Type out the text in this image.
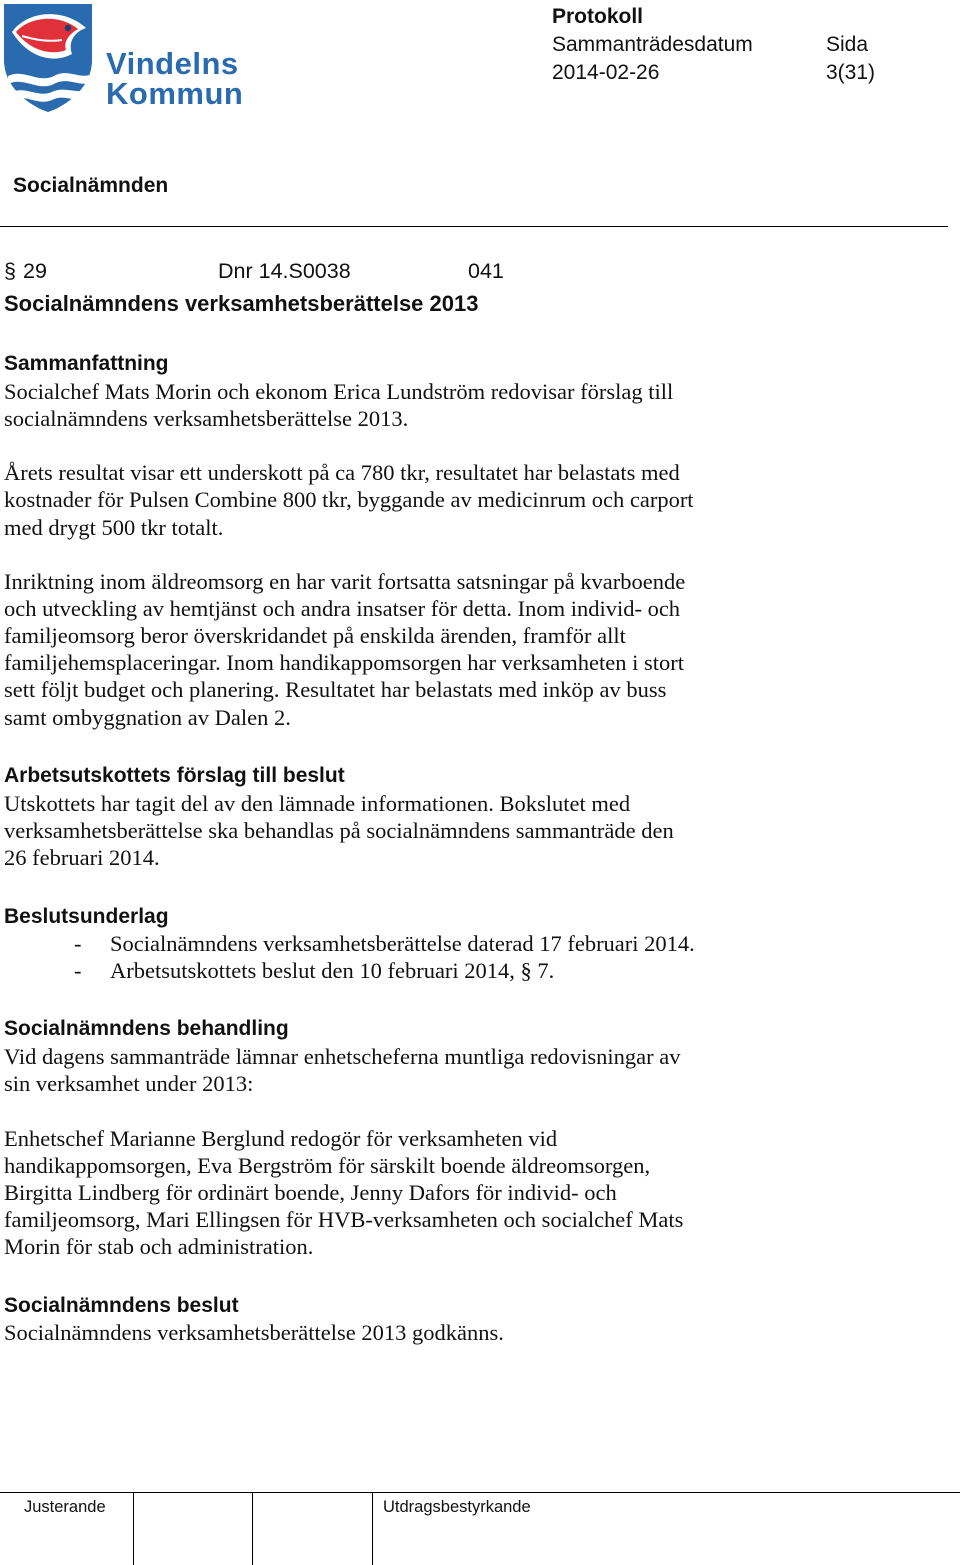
Vindelns
Kommun
Protokoll
Sammanträdesdatum	Sida
2014-02-26	3(31)
Socialnämnden
§ 29	Dnr 14.S0038	041
Socialnämndens verksamhetsberättelse 2013
Sammanfattning
Socialchef Mats Morin och ekonom Erica Lundström redovisar förslag till
socialnämndens verksamhetsberättelse 2013.
Årets resultat visar ett underskott på ca 780 tkr, resultatet har belastats med
kostnader för Pulsen Combine 800 tkr, byggande av medicinrum och carport
med drygt 500 tkr totalt.
Inriktning inom äldreomsorg en har varit fortsatta satsningar på kvarboende
och utveckling av hemtjänst och andra insatser för detta. Inom individ- och
familjeomsorg beror överskridandet på enskilda ärenden, framför allt
familjehemsplaceringar. Inom handikappomsorgen har verksamheten i stort
sett följt budget och planering. Resultatet har belastats med inköp av buss
samt ombyggnation av Dalen 2.
Arbetsutskottets förslag till beslut
Utskottets har tagit del av den lämnade informationen. Bokslutet med
verksamhetsberättelse ska behandlas på socialnämndens sammanträde den
26 februari 2014.
Beslutsunderlag
- Socialnämndens verksamhetsberättelse daterad 17 februari 2014.
- Arbetsutskottets beslut den 10 februari 2014, § 7.
Socialnämndens behandling
Vid dagens sammanträde lämnar enhetscheferna muntliga redovisningar av
sin verksamhet under 2013:
Enhetschef Marianne Berglund redogör för verksamheten vid
handikappomsorgen, Eva Bergström för särskilt boende äldreomsorgen,
Birgitta Lindberg för ordinärt boende, Jenny Dafors för individ- och
familjeomsorg, Mari Ellingsen för HVB-verksamheten och socialchef Mats
Morin för stab och administration.
Socialnämndens beslut
Socialnämndens verksamhetsberättelse 2013 godkänns.
Justerande	Utdragsbestyrkande
